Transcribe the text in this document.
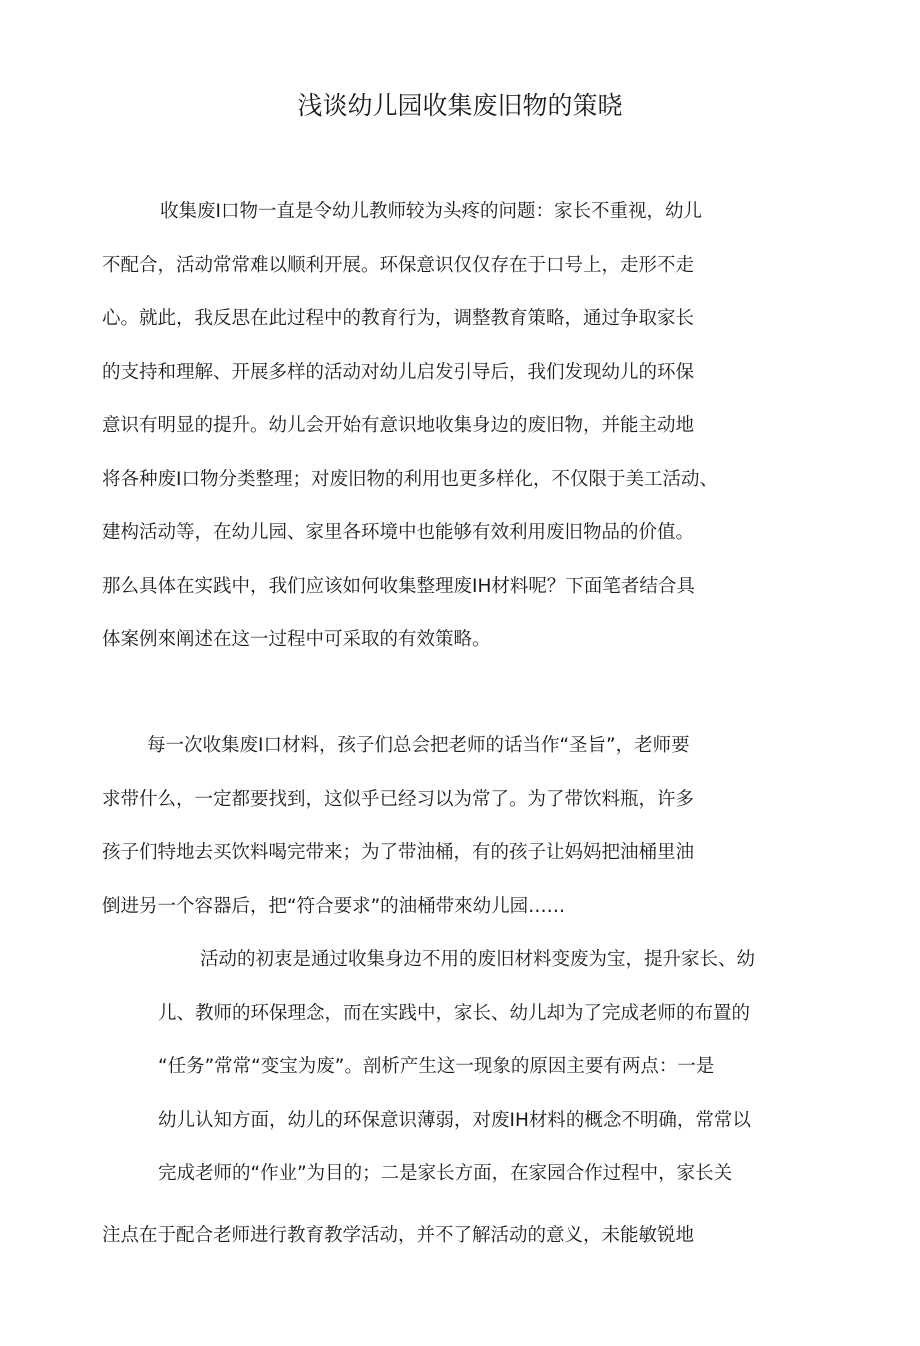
浅谈幼儿园收集废旧物的策晓
收集废I口物一直是令幼儿教师较为头疼的问题：家长不重视，幼儿
不配合，活动常常难以顺利开展。环保意识仅仅存在于口号上，走形不走
心。就此，我反思在此过程中的教育行为，调整教育策略，通过争取家长
的支持和理解、开展多样的活动对幼儿启发引导后，我们发现幼儿的环保
意识有明显的提升。幼儿会开始有意识地收集身边的废旧物，并能主动地
将各种废I口物分类整理；对废旧物的利用也更多样化，不仅限于美工活动、
建构活动等，在幼儿园、家里各环境中也能够有效利用废旧物品的价值。
那么具体在实践中，我们应该如何收集整理废IH材料呢？下面笔者结合具
体案例來阐述在这一过程中可采取的有效策略。
每一次收集废I口材料，孩子们总会把老师的话当作“圣旨”，老师要
求带什么，一定都要找到，这似乎已经习以为常了。为了带饮料瓶，许多
孩子们特地去买饮料喝完带来；为了带油桶，有的孩子让妈妈把油桶里油
倒进另一个容器后，把“符合要求”的油桶带來幼儿园……
活动的初衷是通过收集身边不用的废旧材料变废为宝，提升家长、幼
儿、教师的环保理念，而在实践中，家长、幼儿却为了完成老师的布置的
“任务”常常“变宝为废”。剖析产生这一现象的原因主要有两点：一是
幼儿认知方面，幼儿的环保意识薄弱，对废IH材料的概念不明确，常常以
完成老师的“作业”为目的；二是家长方面，在家园合作过程中，家长关
注点在于配合老师进行教育教学活动，并不了解活动的意义，未能敏锐地
